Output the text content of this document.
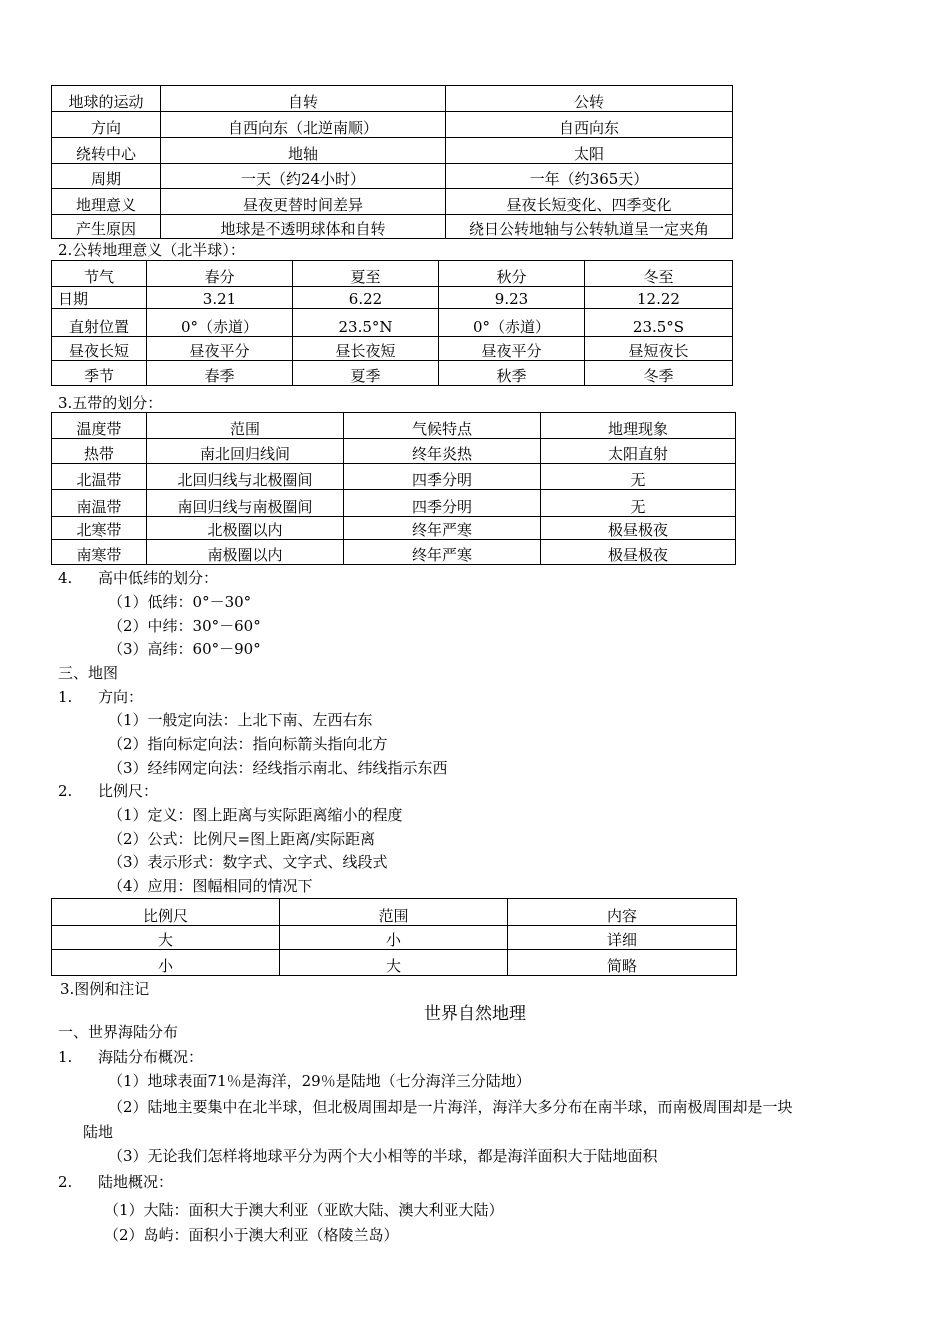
地球的运动	自转	公转
方向	自西向东（北逆南顺）	自西向东
绕转中心	地轴	太阳
周期	一天（约24小时）	一年（约365天）
地理意义	昼夜更替时间差异	昼夜长短变化、四季变化
产生原因	地球是不透明球体和自转	绕日公转地轴与公转轨道呈一定夹角
2.公转地理意义（北半球）：
节气	春分	夏至	秋分	冬至
日期	3.21	6.22	9.23	12.22
直射位置	0°（赤道）	23.5°N	0°（赤道）	23.5°S
昼夜长短	昼夜平分	昼长夜短	昼夜平分	昼短夜长
季节	春季	夏季	秋季	冬季
3.五带的划分：
温度带	范围	气候特点	地理现象
热带	南北回归线间	终年炎热	太阳直射
北温带	北回归线与北极圈间	四季分明	无
南温带	南回归线与南极圈间	四季分明	无
北寒带	北极圈以内	终年严寒	极昼极夜
南寒带	南极圈以内	终年严寒	极昼极夜
4. 高中低纬的划分：
（1）低纬：0°－30°
（2）中纬：30°－60°
（3）高纬：60°－90°
三、地图
1. 方向：
（1）一般定向法：上北下南、左西右东
（2）指向标定向法：指向标箭头指向北方
（3）经纬网定向法：经线指示南北、纬线指示东西
2. 比例尺：
（1）定义：图上距离与实际距离缩小的程度
（2）公式：比例尺=图上距离/实际距离
（3）表示形式：数字式、文字式、线段式
（4）应用：图幅相同的情况下
比例尺	范围	内容
大	小	详细
小	大	简略
3.图例和注记
世界自然地理
一、世界海陆分布
1. 海陆分布概况：
（1）地球表面71％是海洋，29％是陆地（七分海洋三分陆地）
（2）陆地主要集中在北半球，但北极周围却是一片海洋，海洋大多分布在南半球，而南极周围却是一块
陆地
（3）无论我们怎样将地球平分为两个大小相等的半球，都是海洋面积大于陆地面积
2. 陆地概况：
（1）大陆：面积大于澳大利亚（亚欧大陆、澳大利亚大陆）
（2）岛屿：面积小于澳大利亚（格陵兰岛）
